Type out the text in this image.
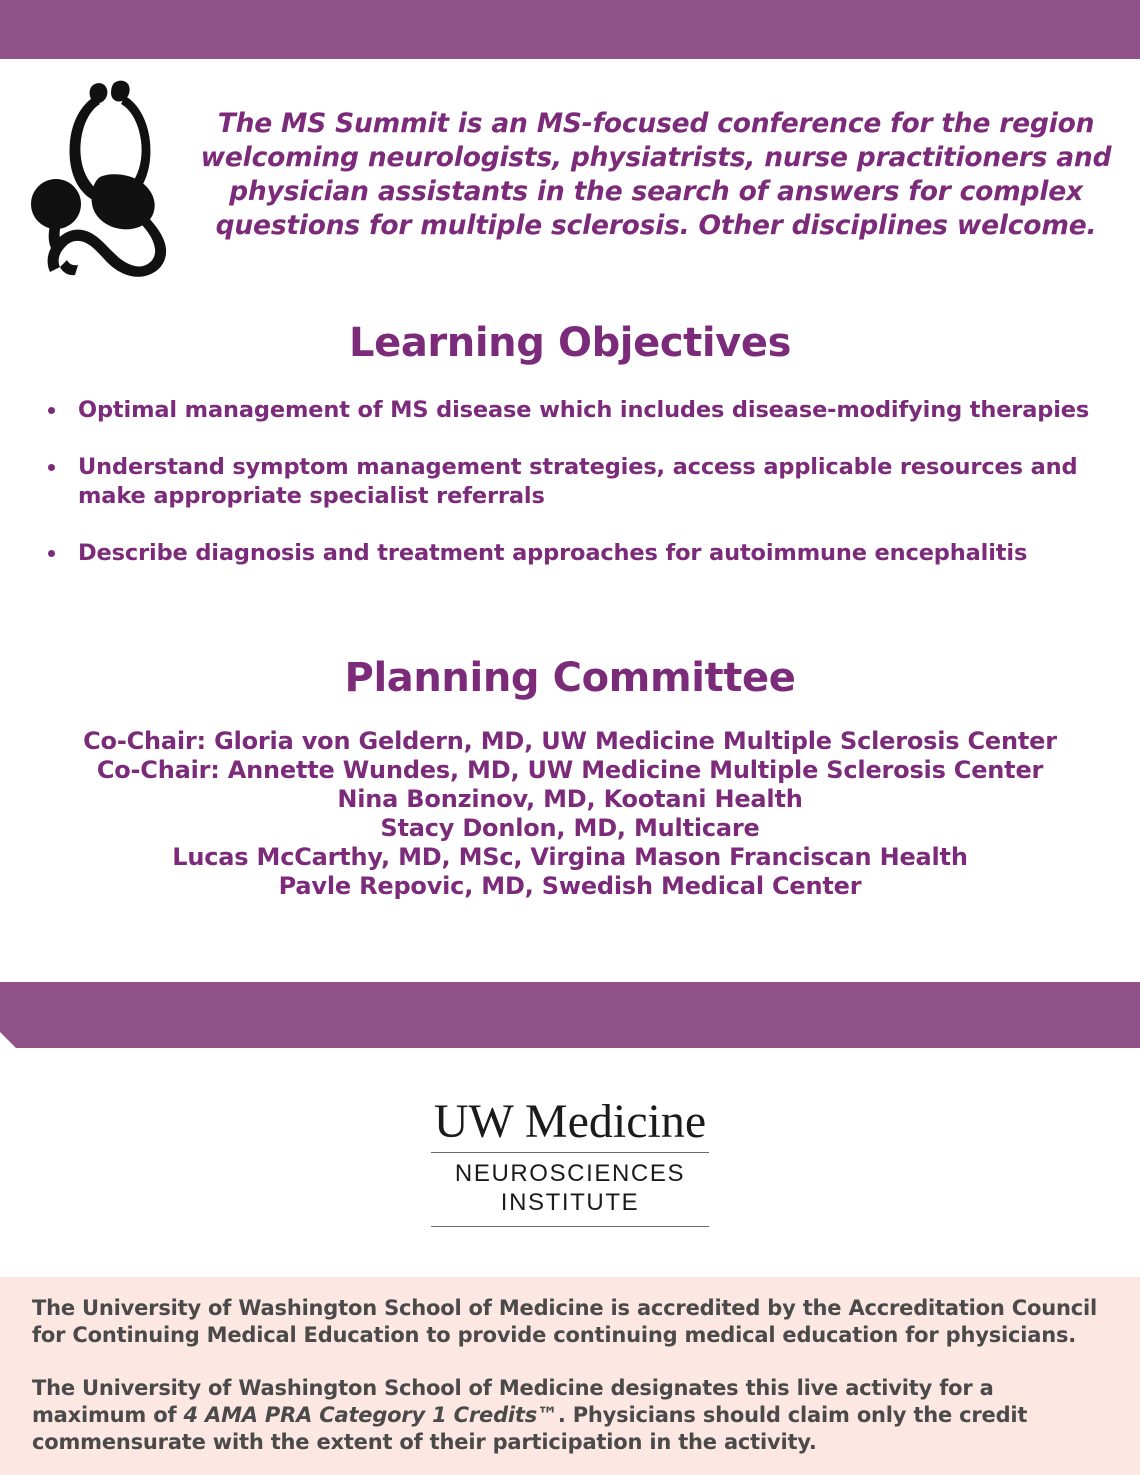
The MS Summit is an MS-focused conference for the region welcoming neurologists, physiatrists, nurse practitioners and physician assistants in the search of answers for complex questions for multiple sclerosis. Other disciplines welcome.
Learning Objectives
Optimal management of MS disease which includes disease-modifying therapies
Understand symptom management strategies, access applicable resources and make appropriate specialist referrals
Describe diagnosis and treatment approaches for autoimmune encephalitis
Planning Committee
Co-Chair: Gloria von Geldern, MD, UW Medicine Multiple Sclerosis Center
Co-Chair: Annette Wundes, MD, UW Medicine Multiple Sclerosis Center
Nina Bonzinov, MD, Kootani Health
Stacy Donlon, MD, Multicare
Lucas McCarthy, MD, MSc, Virgina Mason Franciscan Health
Pavle Repovic, MD, Swedish Medical Center
UW Medicine
NEUROSCIENCES
INSTITUTE
The University of Washington School of Medicine is accredited by the Accreditation Council for Continuing Medical Education to provide continuing medical education for physicians.
The University of Washington School of Medicine designates this live activity for a maximum of 4 AMA PRA Category 1 Credits™. Physicians should claim only the credit commensurate with the extent of their participation in the activity.
